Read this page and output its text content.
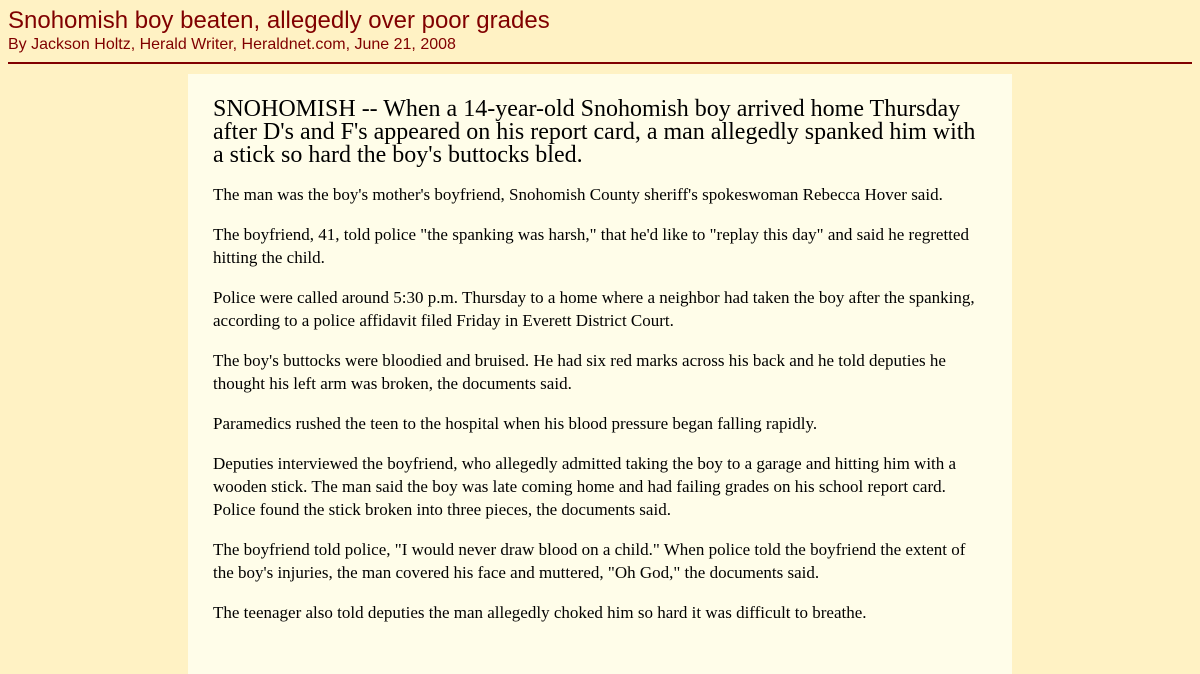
Snohomish boy beaten, allegedly over poor grades

By Jackson Holtz, Herald Writer, Heraldnet.com, June 21, 2008

SNOHOMISH -- When a 14-year-old Snohomish boy arrived home Thursday after D's and F's appeared on his report card, a man allegedly spanked him with a stick so hard the boy's buttocks bled.

The man was the boy's mother's boyfriend, Snohomish County sheriff's spokeswoman Rebecca Hover said.

The boyfriend, 41, told police "the spanking was harsh," that he'd like to "replay this day" and said he regretted hitting the child.

Police were called around 5:30 p.m. Thursday to a home where a neighbor had taken the boy after the spanking, according to a police affidavit filed Friday in Everett District Court.

The boy's buttocks were bloodied and bruised. He had six red marks across his back and he told deputies he thought his left arm was broken, the documents said.

Paramedics rushed the teen to the hospital when his blood pressure began falling rapidly.

Deputies interviewed the boyfriend, who allegedly admitted taking the boy to a garage and hitting him with a wooden stick. The man said the boy was late coming home and had failing grades on his school report card. Police found the stick broken into three pieces, the documents said.

The boyfriend told police, "I would never draw blood on a child." When police told the boyfriend the extent of the boy's injuries, the man covered his face and muttered, "Oh God," the documents said.

The teenager also told deputies the man allegedly choked him so hard it was difficult to breathe.
